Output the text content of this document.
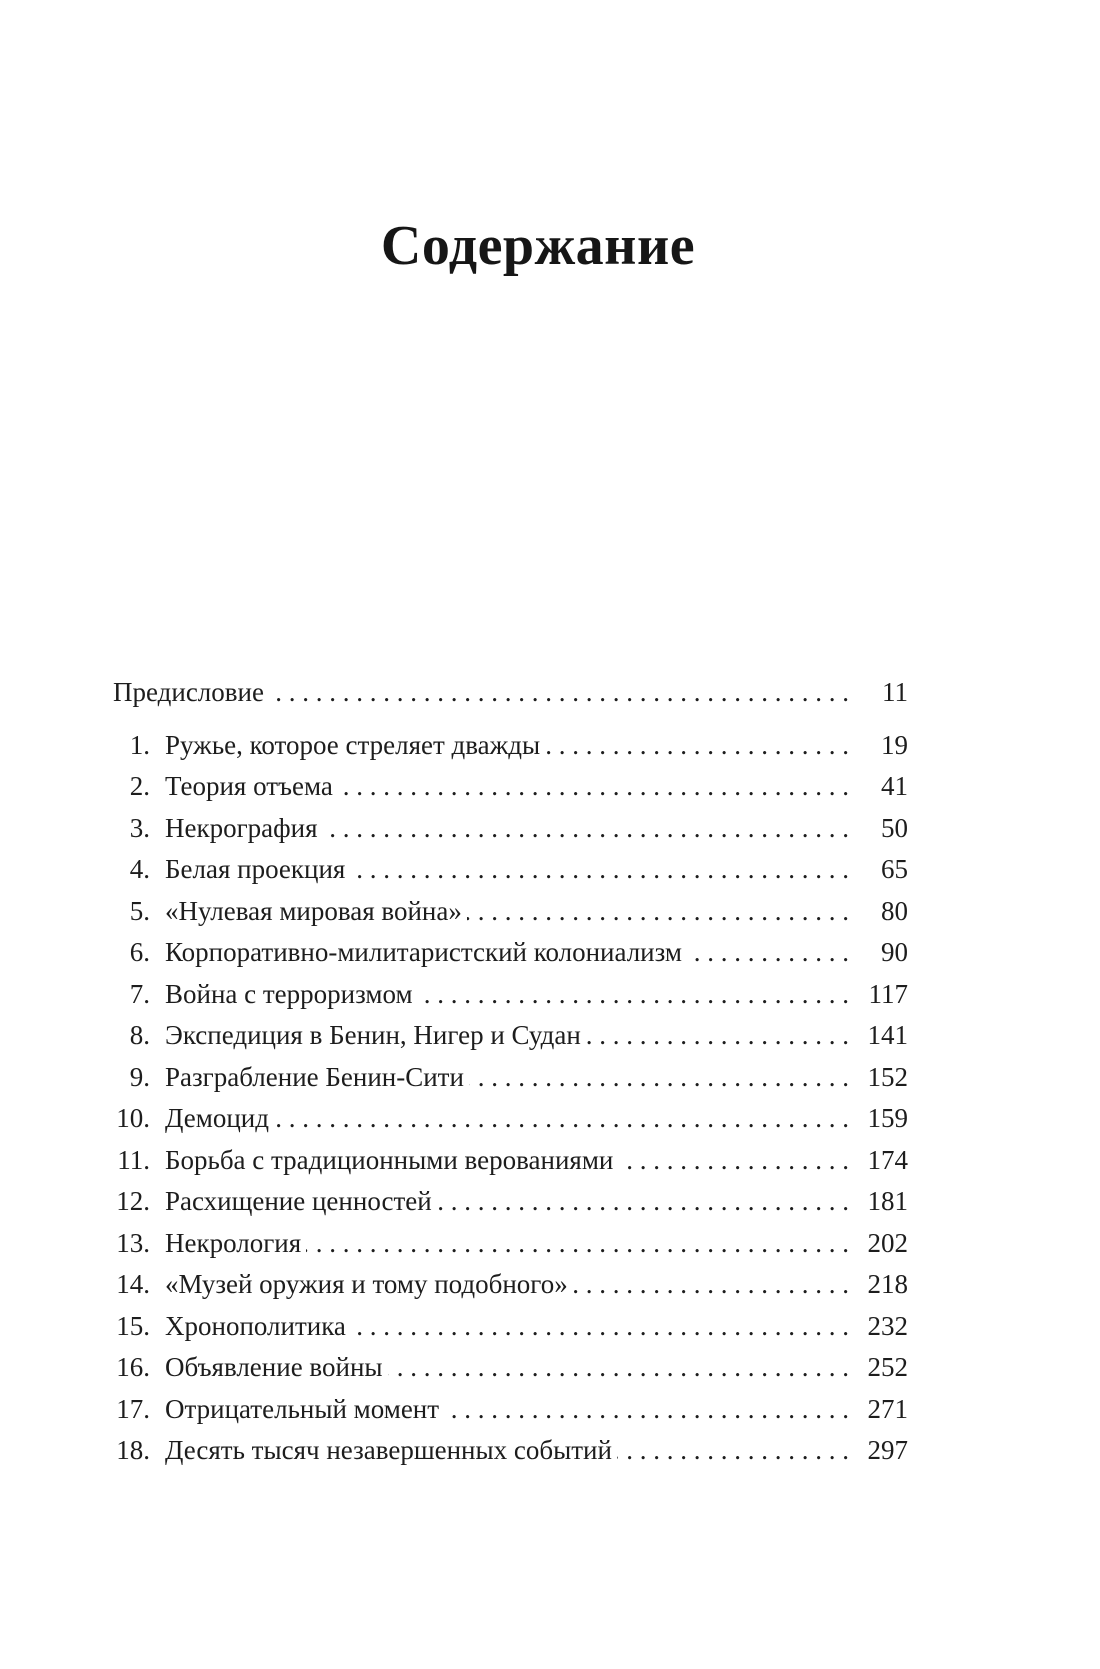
Содержание
Предисловие . . .	11
1. Ружье, которое стреляет дважды . . .	19
2. Теория отъема . . .	41
3. Некрография . . .	50
4. Белая проекция . . .	65
5. «Нулевая мировая война» . . .	80
6. Корпоративно-милитаристский колониализм . . .	90
7. Война с терроризмом . . .	117
8. Экспедиция в Бенин, Нигер и Судан . . .	141
9. Разграбление Бенин-Сити . . .	152
10. Демоцид . . .	159
11. Борьба с традиционными верованиями . . .	174
12. Расхищение ценностей . . .	181
13. Некрология . . .	202
14. «Музей оружия и тому подобного» . . .	218
15. Хронополитика . . .	232
16. Объявление войны . . .	252
17. Отрицательный момент . . .	271
18. Десять тысяч незавершенных событий . . .	297
